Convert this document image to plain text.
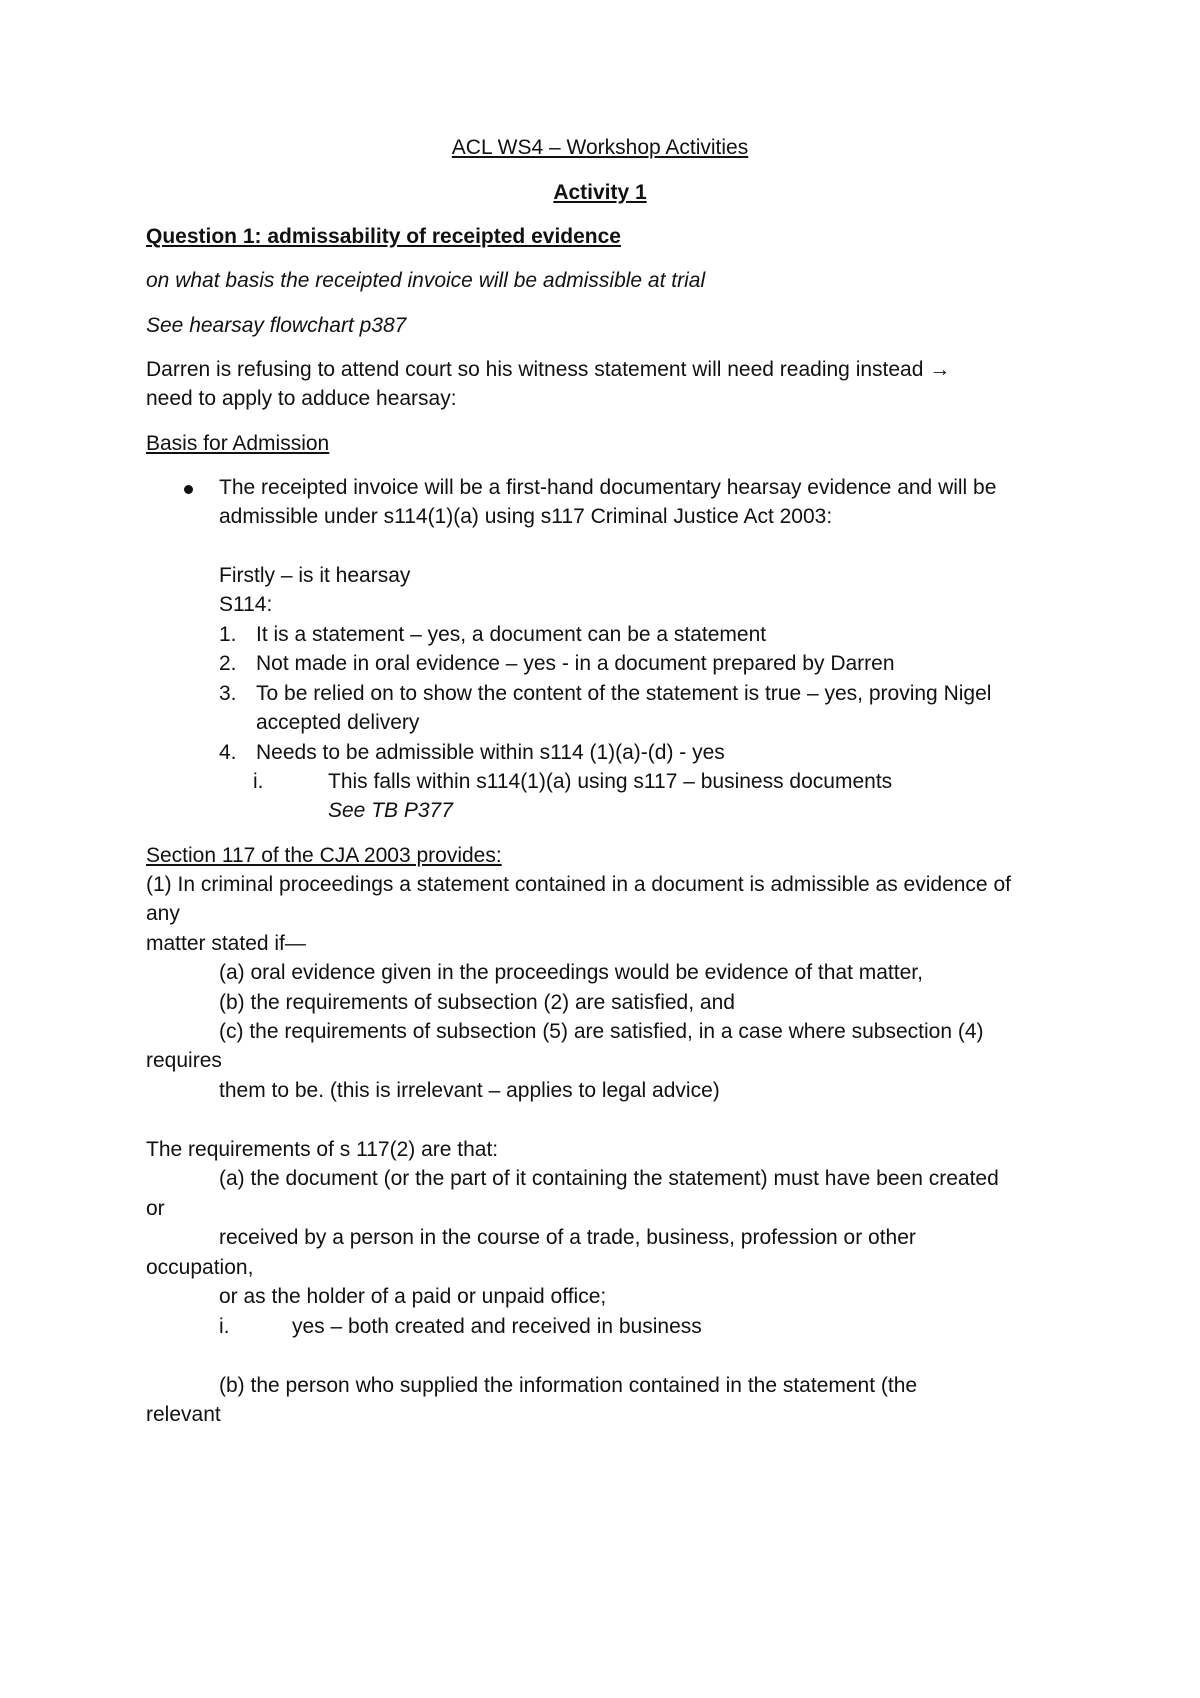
ACL WS4 – Workshop Activities
Activity 1
Question 1: admissability of receipted evidence
on what basis the receipted invoice will be admissible at trial
See hearsay flowchart p387
Darren is refusing to attend court so his witness statement will need reading instead →
need to apply to adduce hearsay:
Basis for Admission
The receipted invoice will be a first-hand documentary hearsay evidence and will be
admissible under s114(1)(a) using s117 Criminal Justice Act 2003:
Firstly – is it hearsay
S114:
1. It is a statement – yes, a document can be a statement
2. Not made in oral evidence – yes - in a document prepared by Darren
3. To be relied on to show the content of the statement is true – yes, proving Nigel
accepted delivery
4. Needs to be admissible within s114 (1)(a)-(d) - yes
i.	This falls within s114(1)(a) using s117 – business documents
See TB P377
Section 117 of the CJA 2003 provides:
(1) In criminal proceedings a statement contained in a document is admissible as evidence of
any
matter stated if—
(a) oral evidence given in the proceedings would be evidence of that matter,
(b) the requirements of subsection (2) are satisfied, and
(c) the requirements of subsection (5) are satisfied, in a case where subsection (4)
requires
them to be. (this is irrelevant – applies to legal advice)
The requirements of s 117(2) are that:
(a) the document (or the part of it containing the statement) must have been created
or
received by a person in the course of a trade, business, profession or other
occupation,
or as the holder of a paid or unpaid office;
i.	yes – both created and received in business
(b) the person who supplied the information contained in the statement (the
relevant
